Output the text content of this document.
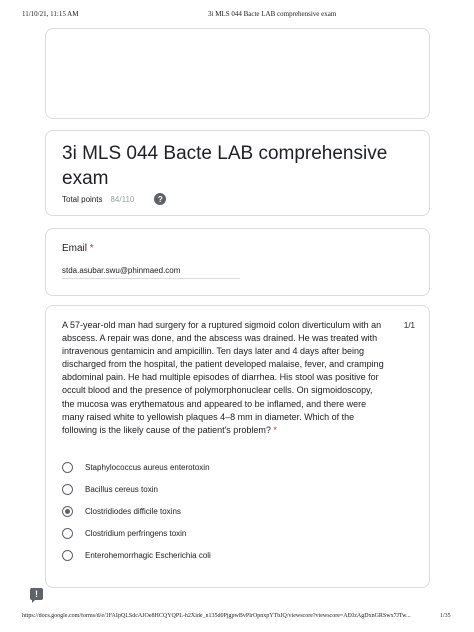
11/10/21, 11:15 AM	3i MLS 044 Bacte LAB comprehensive exam
3i MLS 044 Bacte LAB comprehensive exam
Total points 84/110	?
Email *
stda.asubar.swu@phinmaed.com
A 57-year-old man had surgery for a ruptured sigmoid colon diverticulum with an abscess. A repair was done, and the abscess was drained. He was treated with intravenous gentamicin and ampicillin. Ten days later and 4 days after being discharged from the hospital, the patient developed malaise, fever, and cramping abdominal pain. He had multiple episodes of diarrhea. His stool was positive for occult blood and the presence of polymorphonuclear cells. On sigmoidoscopy, the mucosa was erythematous and appeared to be inflamed, and there were many raised white to yellowish plaques 4–8 mm in diameter. Which of the following is the likely cause of the patient's problem? *
1/1
Staphylococcus aureus enterotoxin
Bacillus cereus toxin
Clostridiodes difficile toxins
Clostridium perfringens toxin
Enterohemorrhagic Escherichia coli
!
https://docs.google.com/forms/d/e/1FAIpQLSdcAJOe8HCQYQPL-h2Xide_n135d0PjgpwBvPlrOpnxpYTbJQ/viewscore?viewscore=AE0zAgDxnGRSwx7JTw...	1/35
